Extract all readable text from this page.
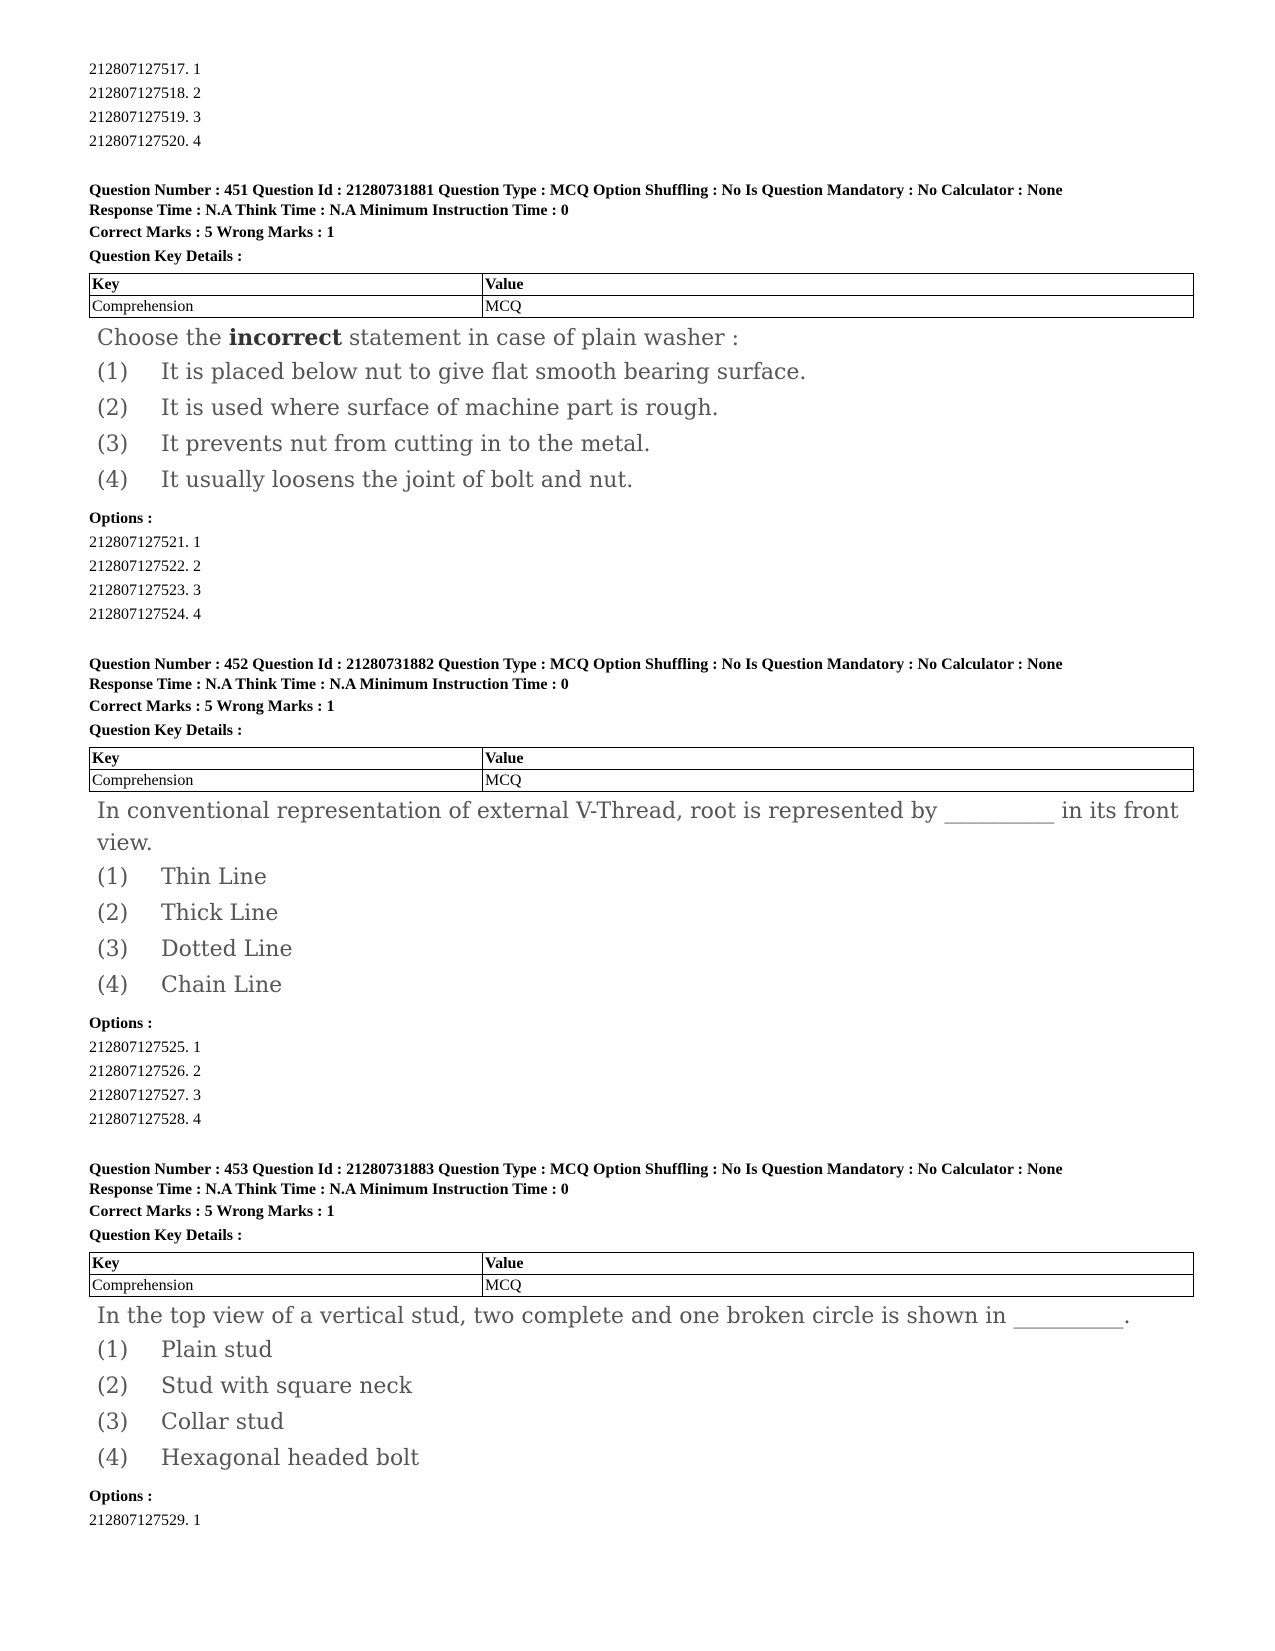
212807127517. 1
212807127518. 2
212807127519. 3
212807127520. 4
Question Number : 451 Question Id : 21280731881 Question Type : MCQ Option Shuffling : No Is Question Mandatory : No Calculator : None
Response Time : N.A Think Time : N.A Minimum Instruction Time : 0
Correct Marks : 5 Wrong Marks : 1
Question Key Details :
Key	Value
Comprehension	MCQ
Choose the incorrect statement in case of plain washer :
(1)	It is placed below nut to give flat smooth bearing surface.
(2)	It is used where surface of machine part is rough.
(3)	It prevents nut from cutting in to the metal.
(4)	It usually loosens the joint of bolt and nut.
Options :
212807127521. 1
212807127522. 2
212807127523. 3
212807127524. 4
Question Number : 452 Question Id : 21280731882 Question Type : MCQ Option Shuffling : No Is Question Mandatory : No Calculator : None
Response Time : N.A Think Time : N.A Minimum Instruction Time : 0
Correct Marks : 5 Wrong Marks : 1
Question Key Details :
Key	Value
Comprehension	MCQ
In conventional representation of external V-Thread, root is represented by __________ in its front view.
(1)	Thin Line
(2)	Thick Line
(3)	Dotted Line
(4)	Chain Line
Options :
212807127525. 1
212807127526. 2
212807127527. 3
212807127528. 4
Question Number : 453 Question Id : 21280731883 Question Type : MCQ Option Shuffling : No Is Question Mandatory : No Calculator : None
Response Time : N.A Think Time : N.A Minimum Instruction Time : 0
Correct Marks : 5 Wrong Marks : 1
Question Key Details :
Key	Value
Comprehension	MCQ
In the top view of a vertical stud, two complete and one broken circle is shown in __________.
(1)	Plain stud
(2)	Stud with square neck
(3)	Collar stud
(4)	Hexagonal headed bolt
Options :
212807127529. 1
